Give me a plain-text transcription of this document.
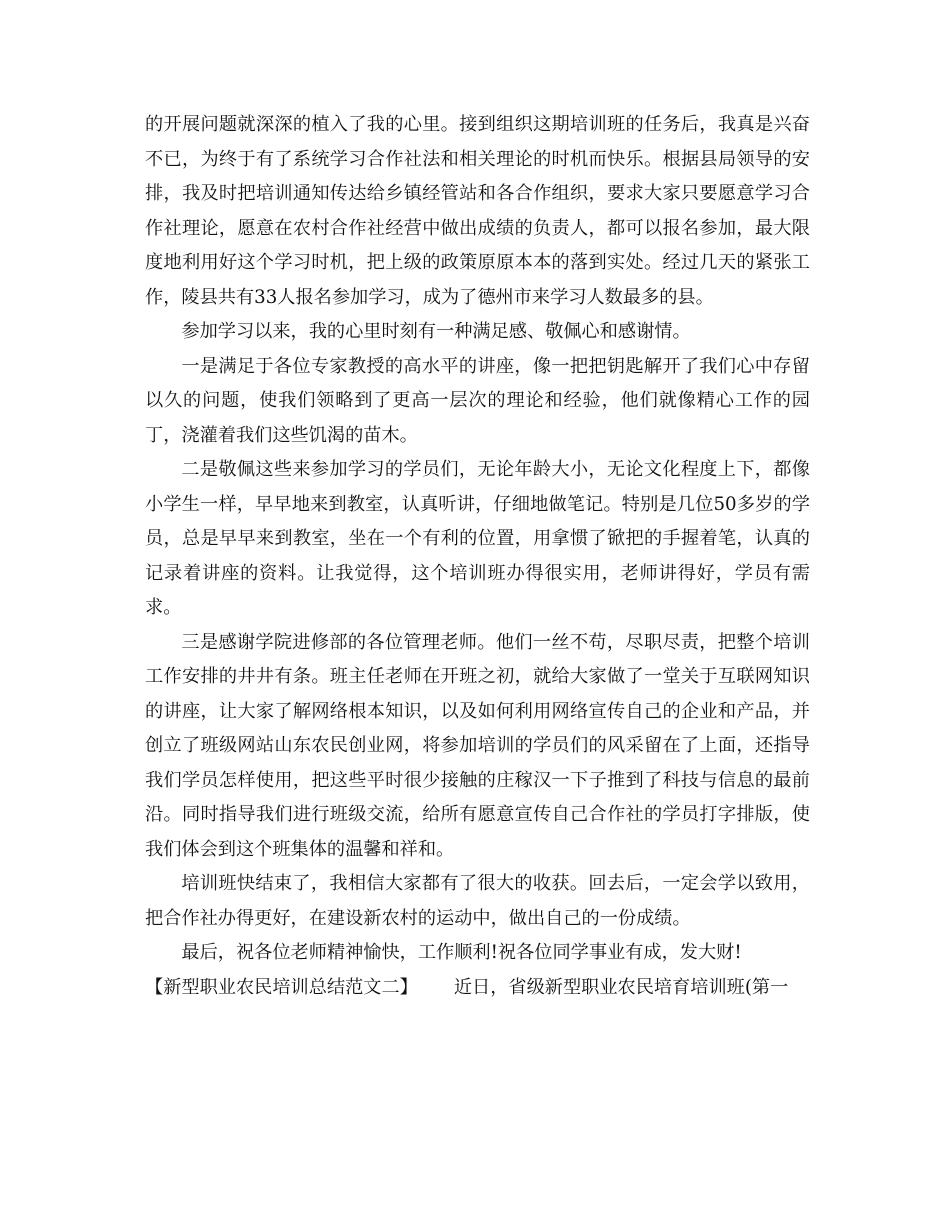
的开展问题就深深的植入了我的心里。接到组织这期培训班的任务后，我真是兴奋不已，为终于有了系统学习合作社法和相关理论的时机而快乐。根据县局领导的安排，我及时把培训通知传达给乡镇经管站和各合作组织，要求大家只要愿意学习合作社理论，愿意在农村合作社经营中做出成绩的负责人，都可以报名参加，最大限度地利用好这个学习时机，把上级的政策原原本本的落到实处。经过几天的紧张工作，陵县共有33人报名参加学习，成为了德州市来学习人数最多的县。

参加学习以来，我的心里时刻有一种满足感、敬佩心和感谢情。

一是满足于各位专家教授的高水平的讲座，像一把把钥匙解开了我们心中存留以久的问题，使我们领略到了更高一层次的理论和经验，他们就像精心工作的园丁，浇灌着我们这些饥渴的苗木。

二是敬佩这些来参加学习的学员们，无论年龄大小，无论文化程度上下，都像小学生一样，早早地来到教室，认真听讲，仔细地做笔记。特别是几位50多岁的学员，总是早早来到教室，坐在一个有利的位置，用拿惯了锨把的手握着笔，认真的记录着讲座的资料。让我觉得，这个培训班办得很实用，老师讲得好，学员有需求。

三是感谢学院进修部的各位管理老师。他们一丝不苟，尽职尽责，把整个培训工作安排的井井有条。班主任老师在开班之初，就给大家做了一堂关于互联网知识的讲座，让大家了解网络根本知识，以及如何利用网络宣传自己的企业和产品，并创立了班级网站山东农民创业网，将参加培训的学员们的风采留在了上面，还指导我们学员怎样使用，把这些平时很少接触的庄稼汉一下子推到了科技与信息的最前沿。同时指导我们进行班级交流，给所有愿意宣传自己合作社的学员打字排版，使我们体会到这个班集体的温馨和祥和。

培训班快结束了，我相信大家都有了很大的收获。回去后，一定会学以致用，把合作社办得更好，在建设新农村的运动中，做出自己的一份成绩。

最后，祝各位老师精神愉快，工作顺利!祝各位同学事业有成，发大财!

【新型职业农民培训总结范文二】 近日，省级新型职业农民培育培训班(第一
